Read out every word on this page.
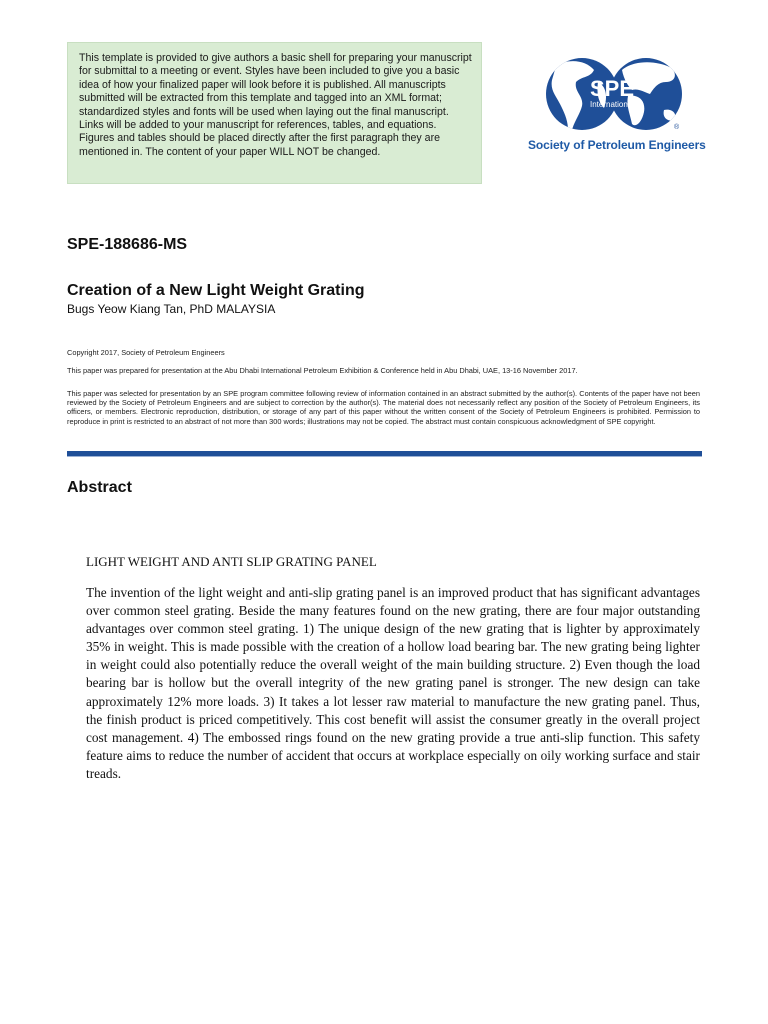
This template is provided to give authors a basic shell for preparing your manuscript for submittal to a meeting or event. Styles have been included to give you a basic idea of how your finalized paper will look before it is published. All manuscripts submitted will be extracted from this template and tagged into an XML format; standardized styles and fonts will be used when laying out the final manuscript. Links will be added to your manuscript for references, tables, and equations. Figures and tables should be placed directly after the first paragraph they are mentioned in. The content of your paper WILL NOT be changed.
SPE
International
®
Society of Petroleum Engineers
SPE-188686-MS
Creation of a New Light Weight Grating
Bugs Yeow Kiang Tan, PhD MALAYSIA
Copyright 2017, Society of Petroleum Engineers
This paper was prepared for presentation at the Abu Dhabi International Petroleum Exhibition & Conference held in Abu Dhabi, UAE, 13-16 November 2017.
This paper was selected for presentation by an SPE program committee following review of information contained in an abstract submitted by the author(s). Contents of the paper have not been reviewed by the Society of Petroleum Engineers and are subject to correction by the author(s). The material does not necessarily reflect any position of the Society of Petroleum Engineers, its officers, or members. Electronic reproduction, distribution, or storage of any part of this paper without the written consent of the Society of Petroleum Engineers is prohibited. Permission to reproduce in print is restricted to an abstract of not more than 300 words; illustrations may not be copied. The abstract must contain conspicuous acknowledgment of SPE copyright.
Abstract
LIGHT WEIGHT AND ANTI SLIP GRATING PANEL
The invention of the light weight and anti-slip grating panel is an improved product that has significant advantages over common steel grating. Beside the many features found on the new grating, there are four major outstanding advantages over common steel grating. 1) The unique design of the new grating that is lighter by approximately 35% in weight. This is made possible with the creation of a hollow load bearing bar. The new grating being lighter in weight could also potentially reduce the overall weight of the main building structure. 2) Even though the load bearing bar is hollow but the overall integrity of the new grating panel is stronger. The new design can take approximately 12% more loads. 3) It takes a lot lesser raw material to manufacture the new grating panel. Thus, the finish product is priced competitively. This cost benefit will assist the consumer greatly in the overall project cost management. 4) The embossed rings found on the new grating provide a true anti-slip function. This safety feature aims to reduce the number of accident that occurs at workplace especially on oily working surface and stair treads.
